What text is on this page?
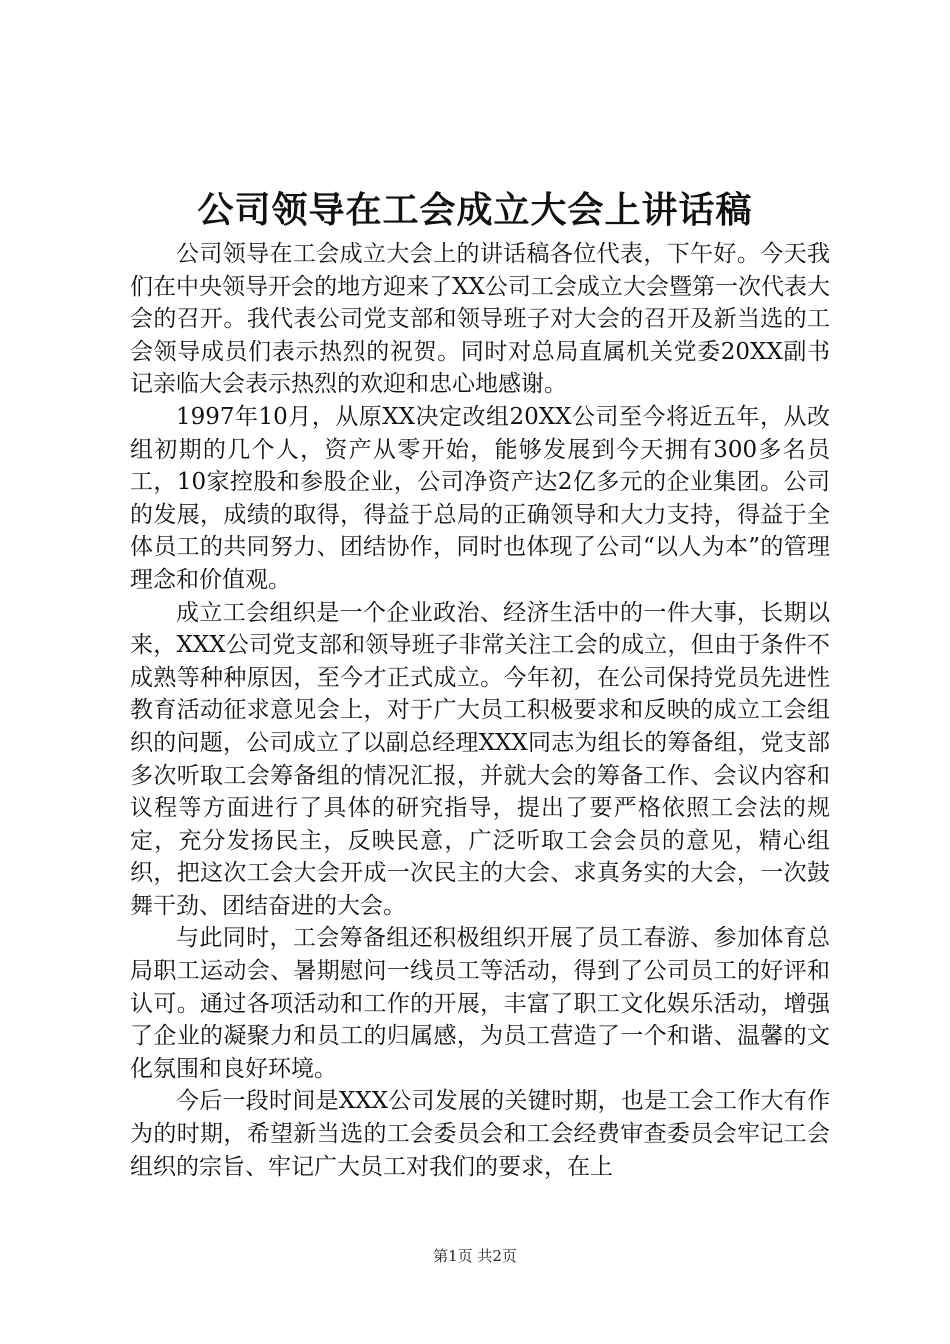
公司领导在工会成立大会上讲话稿

公司领导在工会成立大会上的讲话稿各位代表，下午好。今天我们在中央领导开会的地方迎来了XX公司工会成立大会暨第一次代表大会的召开。我代表公司党支部和领导班子对大会的召开及新当选的工会领导成员们表示热烈的祝贺。同时对总局直属机关党委20XX副书记亲临大会表示热烈的欢迎和忠心地感谢。

1997年10月，从原XX决定改组20XX公司至今将近五年，从改组初期的几个人，资产从零开始，能够发展到今天拥有300多名员工，10家控股和参股企业，公司净资产达2亿多元的企业集团。公司的发展，成绩的取得，得益于总局的正确领导和大力支持，得益于全体员工的共同努力、团结协作，同时也体现了公司“以人为本”的管理理念和价值观。

成立工会组织是一个企业政治、经济生活中的一件大事，长期以来，XXX公司党支部和领导班子非常关注工会的成立，但由于条件不成熟等种种原因，至今才正式成立。今年初，在公司保持党员先进性教育活动征求意见会上，对于广大员工积极要求和反映的成立工会组织的问题，公司成立了以副总经理XXX同志为组长的筹备组，党支部多次听取工会筹备组的情况汇报，并就大会的筹备工作、会议内容和议程等方面进行了具体的研究指导，提出了要严格依照工会法的规定，充分发扬民主，反映民意，广泛听取工会会员的意见，精心组织，把这次工会大会开成一次民主的大会、求真务实的大会，一次鼓舞干劲、团结奋进的大会。

与此同时，工会筹备组还积极组织开展了员工春游、参加体育总局职工运动会、暑期慰问一线员工等活动，得到了公司员工的好评和认可。通过各项活动和工作的开展，丰富了职工文化娱乐活动，增强了企业的凝聚力和员工的归属感，为员工营造了一个和谐、温馨的文化氛围和良好环境。

今后一段时间是XXX公司发展的关键时期，也是工会工作大有作为的时期，希望新当选的工会委员会和工会经费审查委员会牢记工会组织的宗旨、牢记广大员工对我们的要求，在上

第1页 共2页
